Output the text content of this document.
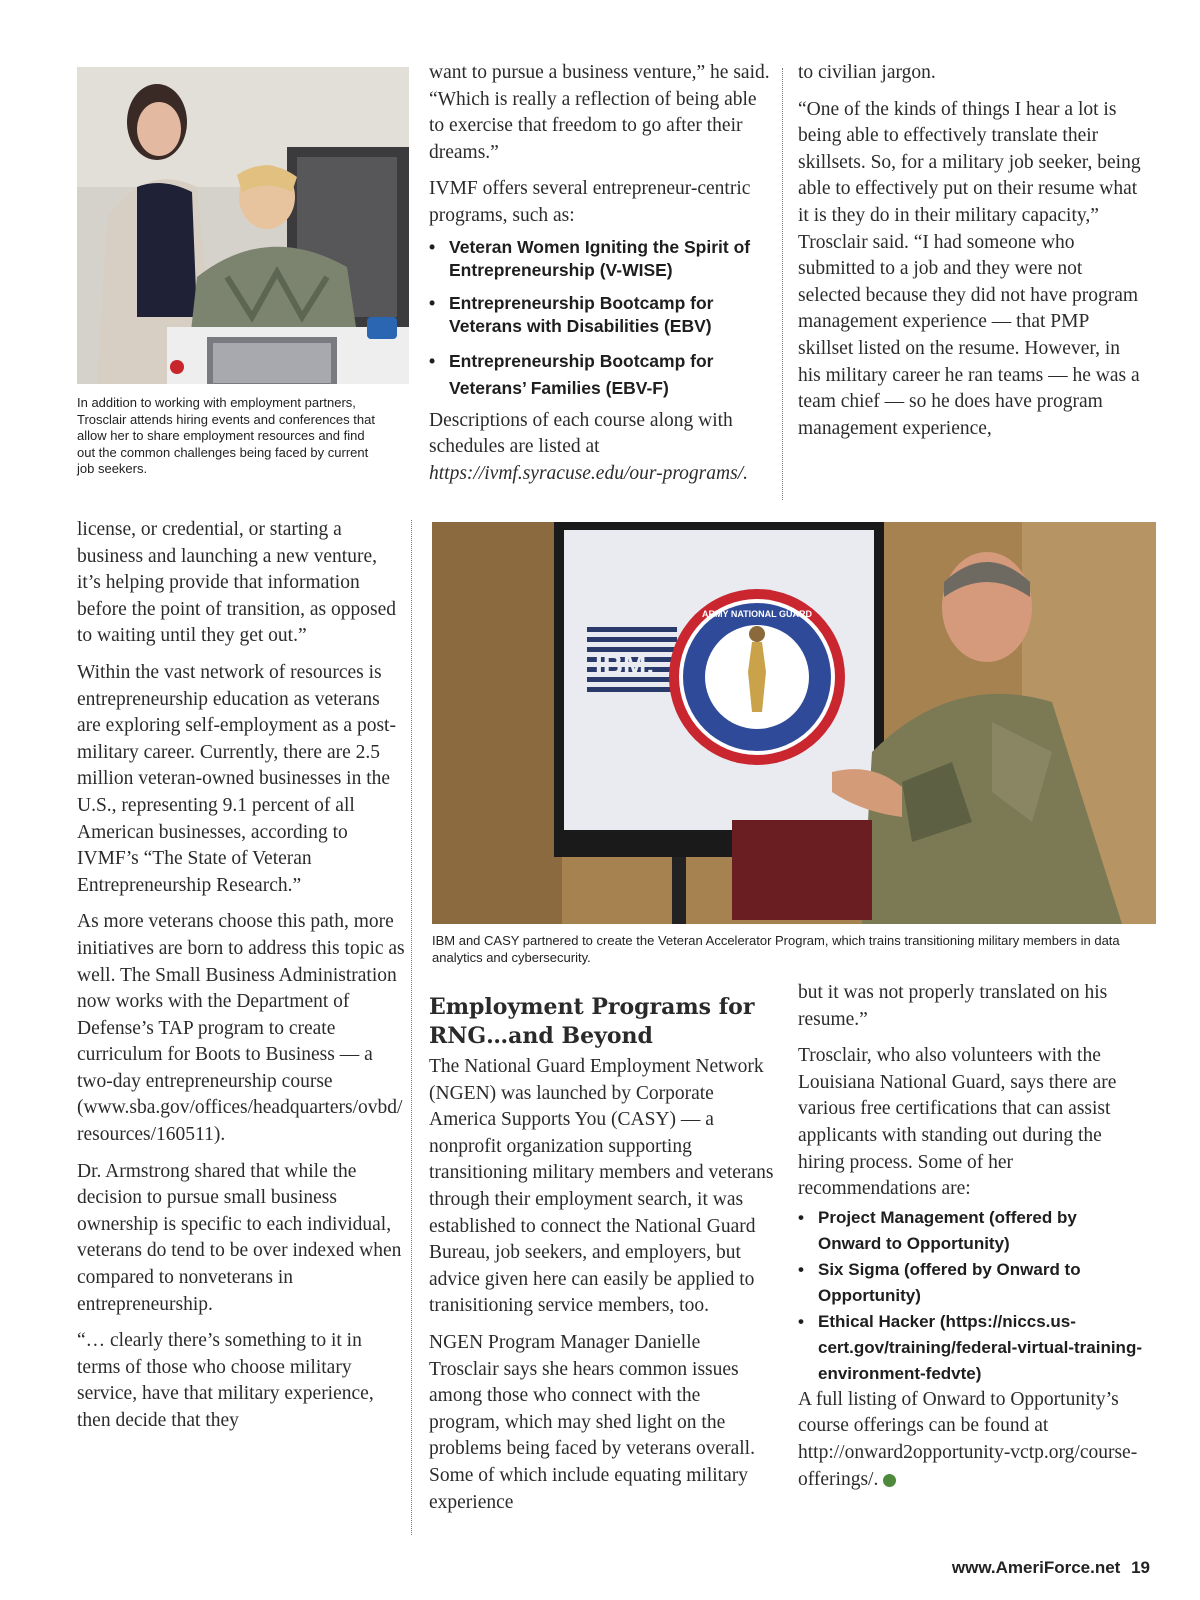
In addition to working with employment partners, Trosclair attends hiring events and conferences that allow her to share employment resources and find out the common challenges being faced by current job seekers.

license, or credential, or starting a business and launching a new venture, it’s helping provide that information before the point of transition, as opposed to waiting until they get out.”

Within the vast network of resources is entrepreneurship education as veterans are exploring self-employment as a post-military career. Currently, there are 2.5 million veteran-owned businesses in the U.S., representing 9.1 percent of all American businesses, according to IVMF’s “The State of Veteran Entrepreneurship Research.”

As more veterans choose this path, more initiatives are born to address this topic as well. The Small Business Administration now works with the Department of Defense’s TAP program to create curriculum for Boots to Business — a two-day entrepreneurship course (www.sba.gov/offices/headquarters/ovbd/resources/160511).

Dr. Armstrong shared that while the decision to pursue small business ownership is specific to each individual, veterans do tend to be over indexed when compared to nonveterans in entrepreneurship.

“… clearly there’s something to it in terms of those who choose military service, have that military experience, then decide that they

want to pursue a business venture,” he said. “Which is really a reflection of being able to exercise that freedom to go after their dreams.”

IVMF offers several entrepreneur-centric programs, such as:

• Veteran Women Igniting the Spirit of Entrepreneurship (V-WISE)
• Entrepreneurship Bootcamp for Veterans with Disabilities (EBV)
• Entrepreneurship Bootcamp for Veterans’ Families (EBV-F)

Descriptions of each course along with schedules are listed at https://ivmf.syracuse.edu/our-programs/.

to civilian jargon.

“One of the kinds of things I hear a lot is being able to effectively translate their skillsets. So, for a military job seeker, being able to effectively put on their resume what it is they do in their military capacity,” Trosclair said. “I had someone who submitted to a job and they were not selected because they did not have program management experience — that PMP skillset listed on the resume. However, in his military career he ran teams — he was a team chief — so he does have program management experience,

IBM.
ARMY NATIONAL GUARD

IBM and CASY partnered to create the Veteran Accelerator Program, which trains transitioning military members in data analytics and cybersecurity.

Employment Programs for RNG…and Beyond

The National Guard Employment Network (NGEN) was launched by Corporate America Supports You (CASY) — a nonprofit organization supporting transitioning military members and veterans through their employment search, it was established to connect the National Guard Bureau, job seekers, and employers, but advice given here can easily be applied to tranisitioning service members, too.

NGEN Program Manager Danielle Trosclair says she hears common issues among those who connect with the program, which may shed light on the problems being faced by veterans overall. Some of which include equating military experience

but it was not properly translated on his resume.”

Trosclair, who also volunteers with the Louisiana National Guard, says there are various free certifications that can assist applicants with standing out during the hiring process. Some of her recommendations are:

• Project Management (offered by Onward to Opportunity)
• Six Sigma (offered by Onward to Opportunity)
• Ethical Hacker (https://niccs.us-cert.gov/training/federal-virtual-training-environment-fedvte)

A full listing of Onward to Opportunity’s course offerings can be found at http://onward2opportunity-vctp.org/course-offerings/.

www.AmeriForce.net 19
